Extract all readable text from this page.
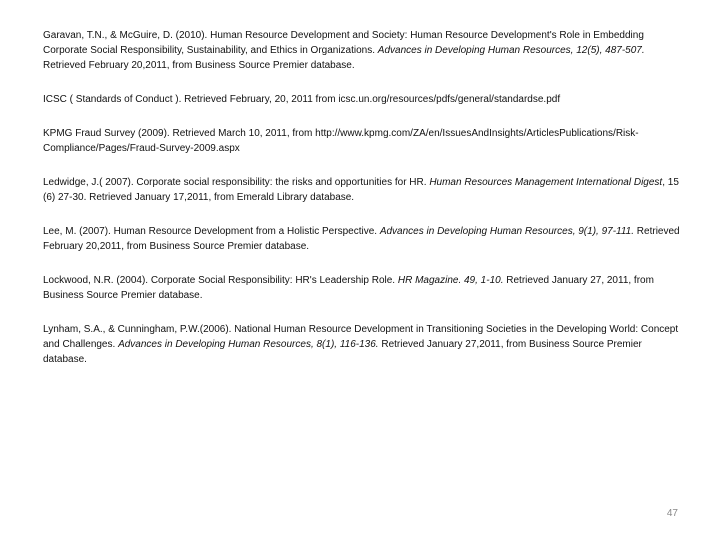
Garavan, T.N., & McGuire, D. (2010). Human Resource Development and Society: Human Resource Development's Role in Embedding Corporate Social Responsibility, Sustainability, and Ethics in Organizations. Advances in Developing Human Resources, 12(5), 487-507. Retrieved February 20,2011, from Business Source Premier database.

ICSC ( Standards of Conduct ). Retrieved February, 20, 2011 from icsc.un.org/resources/pdfs/general/standardse.pdf

KPMG Fraud Survey (2009). Retrieved March 10, 2011, from http://www.kpmg.com/ZA/en/IssuesAndInsights/ArticlesPublications/Risk-Compliance/Pages/Fraud-Survey-2009.aspx

Ledwidge, J.( 2007). Corporate social responsibility: the risks and opportunities for HR. Human Resources Management International Digest, 15 (6) 27-30. Retrieved January 17,2011, from Emerald Library database.

Lee, M. (2007). Human Resource Development from a Holistic Perspective. Advances in Developing Human Resources, 9(1), 97-111. Retrieved February 20,2011, from Business Source Premier database.

Lockwood, N.R. (2004). Corporate Social Responsibility: HR's Leadership Role. HR Magazine. 49, 1-10. Retrieved January 27, 2011, from Business Source Premier database.

Lynham, S.A., & Cunningham, P.W.(2006). National Human Resource Development in Transitioning Societies in the Developing World: Concept and Challenges. Advances in Developing Human Resources, 8(1), 116-136. Retrieved January 27,2011, from Business Source Premier database.

47
